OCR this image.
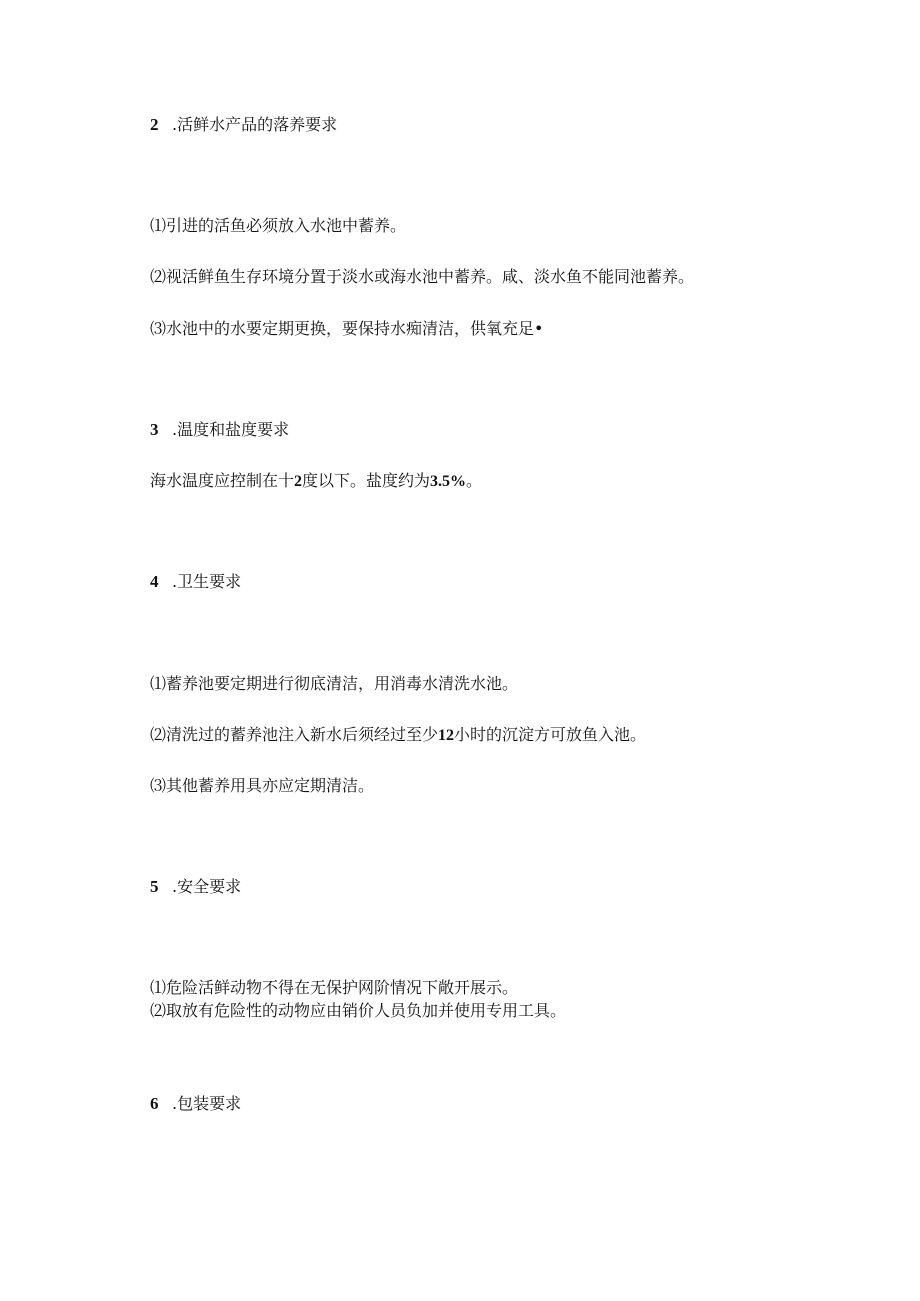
2 .活鲜水产品的落养要求
⑴引进的活鱼必须放入水池中蓄养。
⑵视活鲜鱼生存环境分置于淡水或海水池中蓄养。咸、淡水鱼不能同池蓄养。
⑶水池中的水要定期更换，要保持水痴清洁，供氧充足•
3 .温度和盐度要求
海水温度应控制在十2度以下。盐度约为3.5%。
4 .卫生要求
⑴蓄养池要定期进行彻底清洁，用消毒水清洗水池。
⑵清洗过的蓄养池注入新水后须经过至少12小时的沉淀方可放鱼入池。
⑶其他蓄养用具亦应定期清洁。
5 .安全要求
⑴危险活鲜动物不得在无保护网阶情况下敞开展示。
⑵取放有危险性的动物应由销价人员负加并使用专用工具。
6 .包装要求
